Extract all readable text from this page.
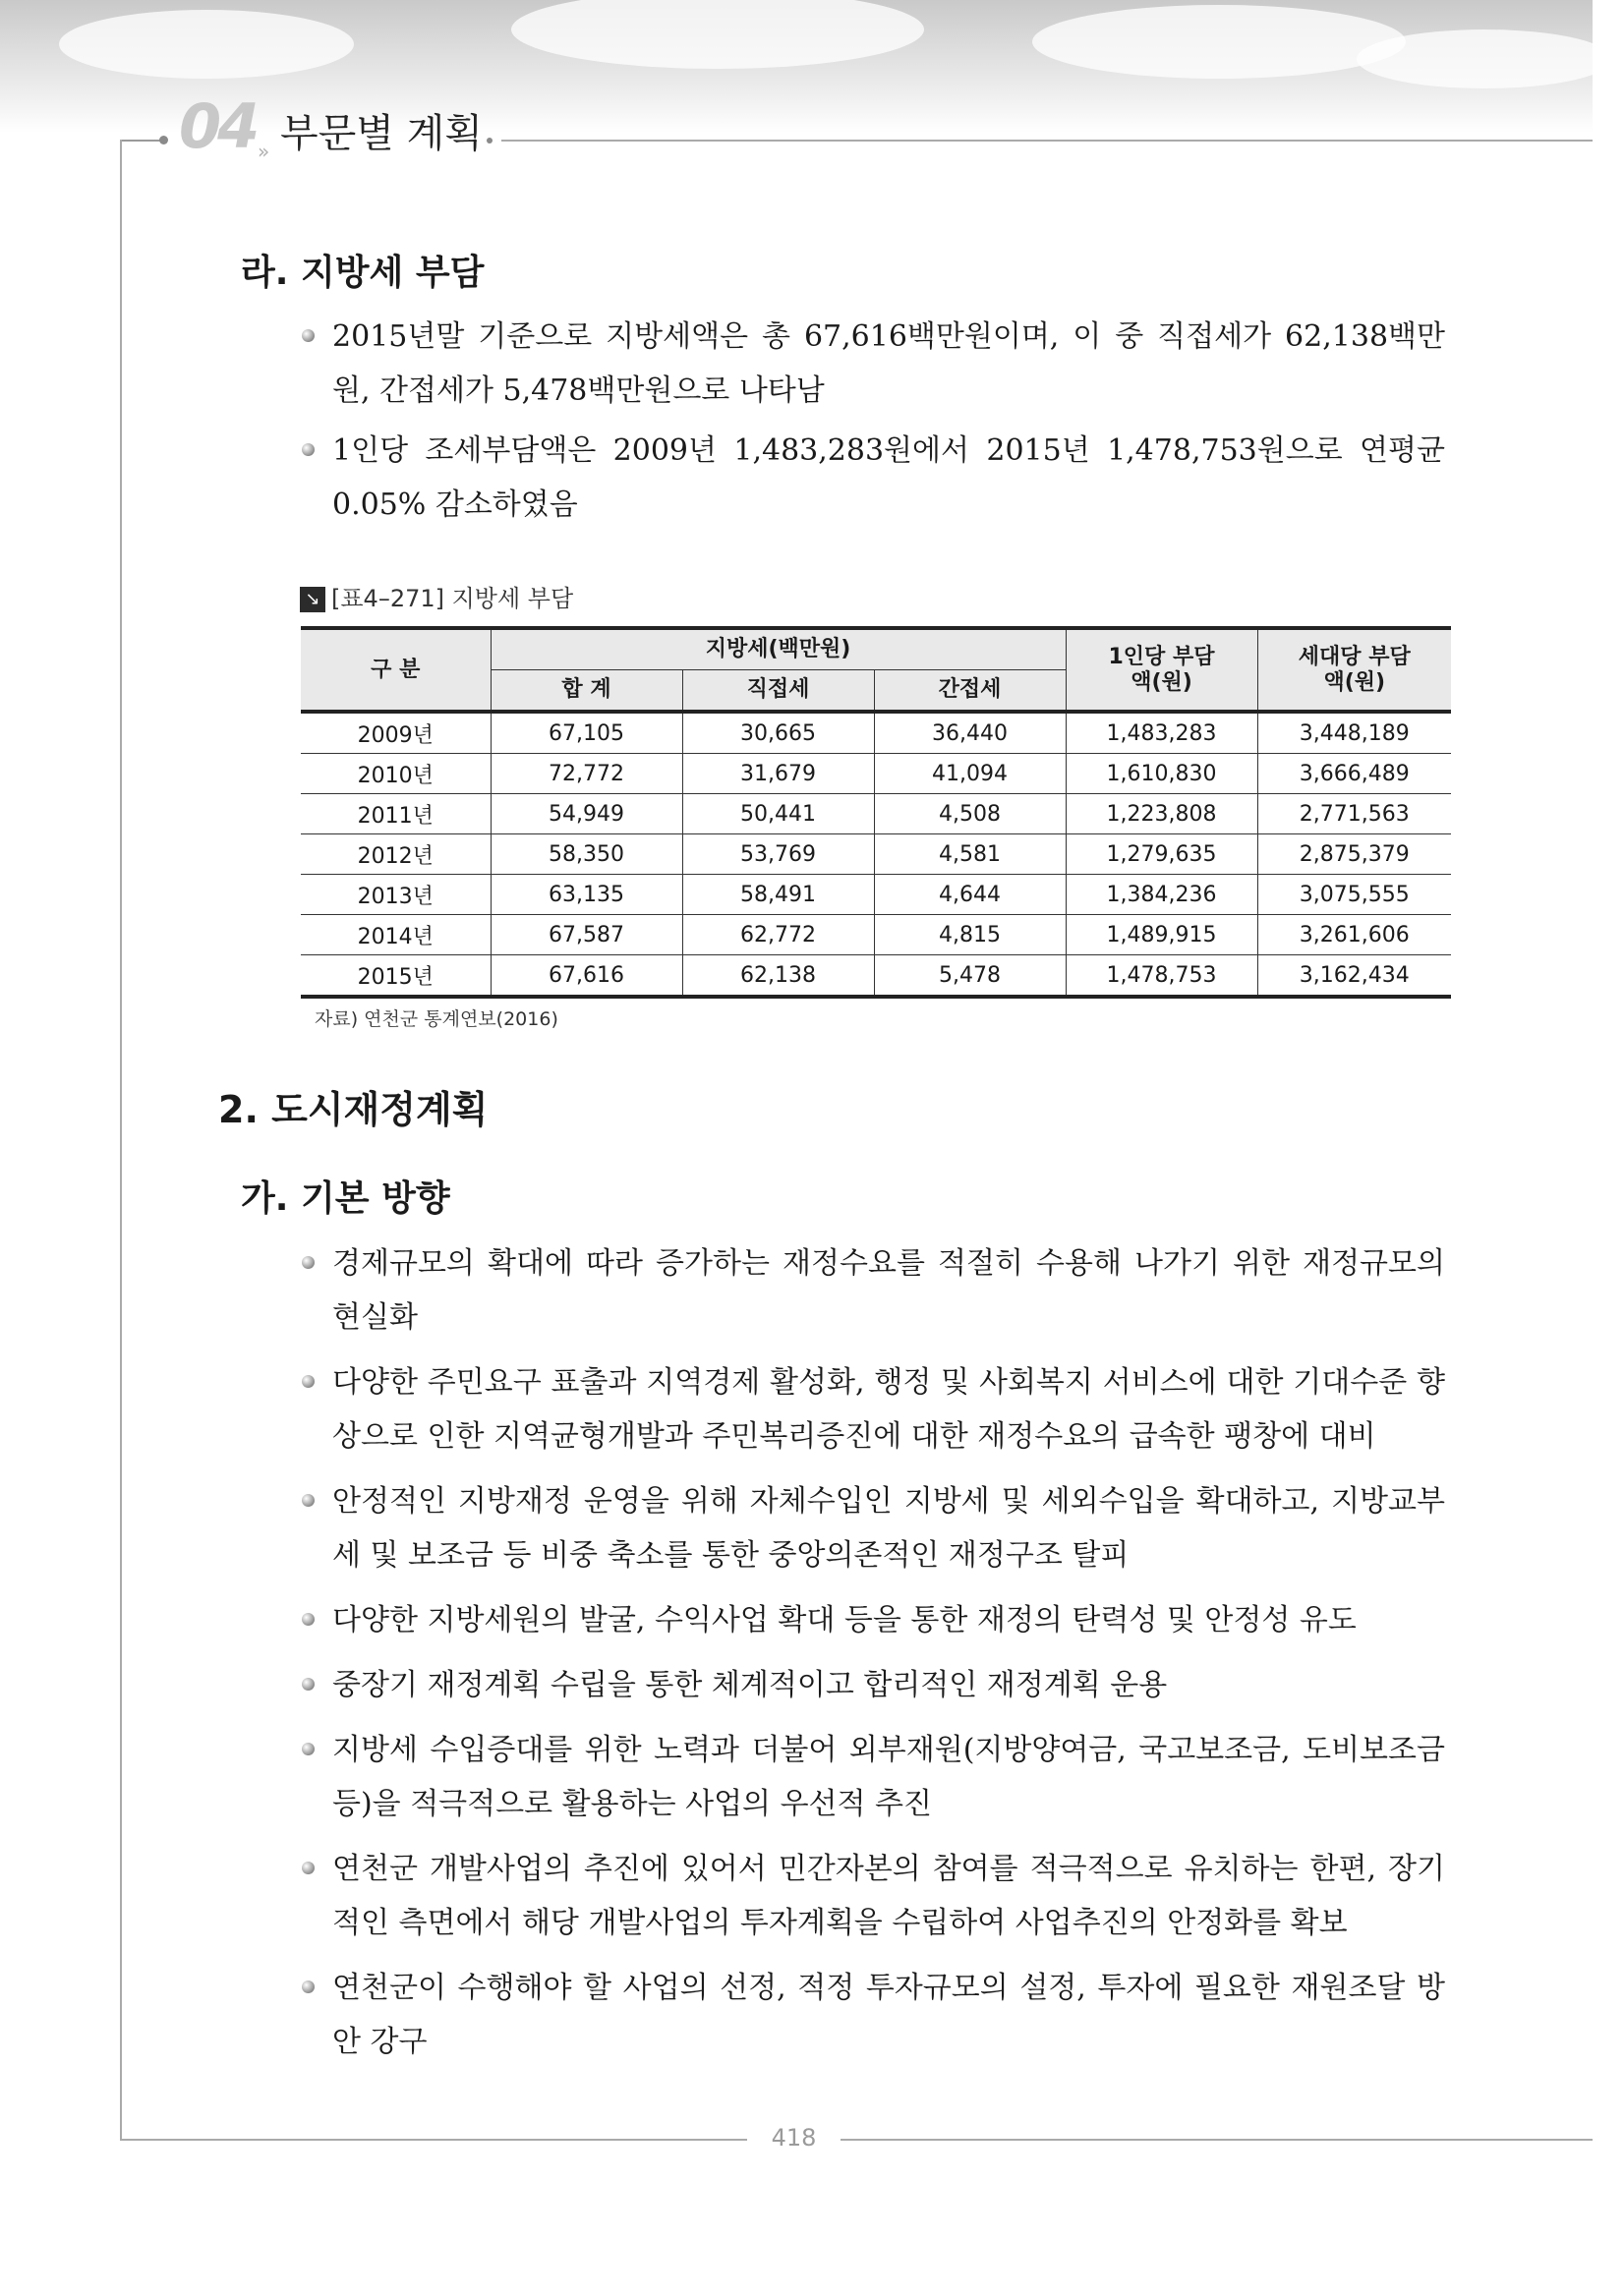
04 » 부문별 계획
라. 지방세 부담
2015년말 기준으로 지방세액은 총 67,616백만원이며, 이 중 직접세가 62,138백만원, 간접세가 5,478백만원으로 나타남
1인당 조세부담액은 2009년 1,483,283원에서 2015년 1,478,753원으로 연평균 0.05% 감소하였음
↘ [표4–271] 지방세 부담
구 분	지방세(백만원)			1인당 부담액(원)	세대당 부담액(원)
	합 계	직접세	간접세		
2009년	67,105	30,665	36,440	1,483,283	3,448,189
2010년	72,772	31,679	41,094	1,610,830	3,666,489
2011년	54,949	50,441	4,508	1,223,808	2,771,563
2012년	58,350	53,769	4,581	1,279,635	2,875,379
2013년	63,135	58,491	4,644	1,384,236	3,075,555
2014년	67,587	62,772	4,815	1,489,915	3,261,606
2015년	67,616	62,138	5,478	1,478,753	3,162,434
자료) 연천군 통계연보(2016)
2. 도시재정계획
가. 기본 방향
경제규모의 확대에 따라 증가하는 재정수요를 적절히 수용해 나가기 위한 재정규모의 현실화
다양한 주민요구 표출과 지역경제 활성화, 행정 및 사회복지 서비스에 대한 기대수준 향상으로 인한 지역균형개발과 주민복리증진에 대한 재정수요의 급속한 팽창에 대비
안정적인 지방재정 운영을 위해 자체수입인 지방세 및 세외수입을 확대하고, 지방교부세 및 보조금 등 비중 축소를 통한 중앙의존적인 재정구조 탈피
다양한 지방세원의 발굴, 수익사업 확대 등을 통한 재정의 탄력성 및 안정성 유도
중장기 재정계획 수립을 통한 체계적이고 합리적인 재정계획 운용
지방세 수입증대를 위한 노력과 더불어 외부재원(지방양여금, 국고보조금, 도비보조금 등)을 적극적으로 활용하는 사업의 우선적 추진
연천군 개발사업의 추진에 있어서 민간자본의 참여를 적극적으로 유치하는 한편, 장기적인 측면에서 해당 개발사업의 투자계획을 수립하여 사업추진의 안정화를 확보
연천군이 수행해야 할 사업의 선정, 적정 투자규모의 설정, 투자에 필요한 재원조달 방안 강구
418
